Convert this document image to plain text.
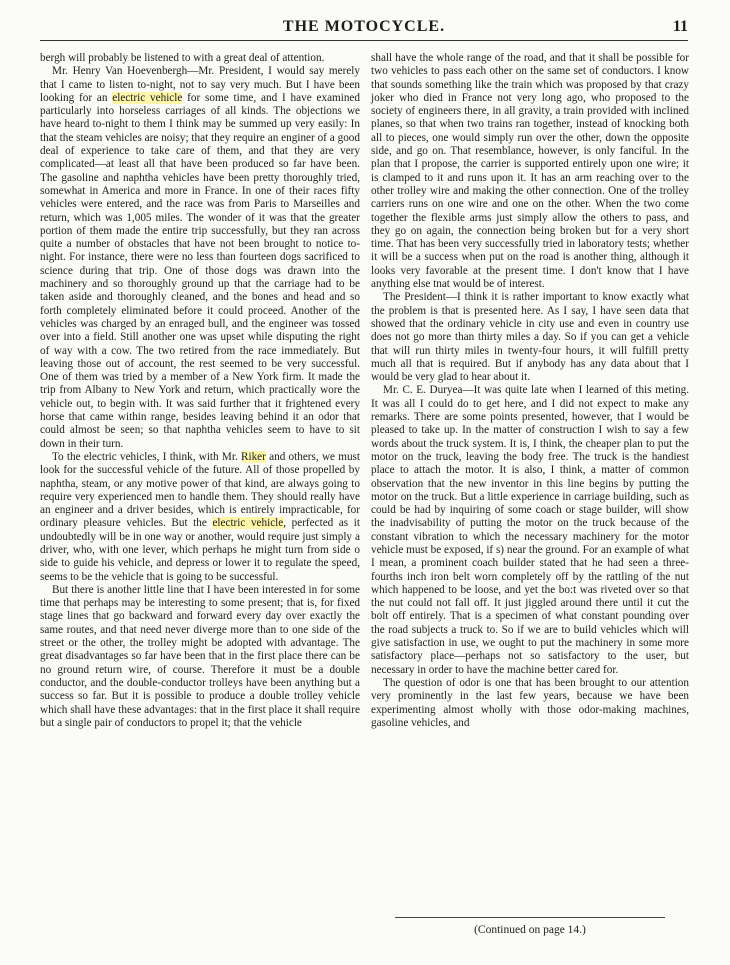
THE MOTOCYCLE.	11

bergh will probably be listened to with a great deal of attention.

Mr. Henry Van Hoevenbergh—Mr. President, I would say merely that I came to listen to-night, not to say very much. But I have been looking for an electric vehicle for some time, and I have examined particularly into horseless carriages of all kinds. The objections we have heard to-night to them I think may be summed up very easily: In that the steam vehicles are noisy; that they require an enginer of a good deal of experience to take care of them, and that they are very complicated—at least all that have been produced so far have been. The gasoline and naphtha vehicles have been pretty thoroughly tried, somewhat in America and more in France. In one of their races fifty vehicles were entered, and the race was from Paris to Marseilles and return, which was 1,005 miles. The wonder of it was that the greater portion of them made the entire trip successfully, but they ran across quite a number of obstacles that have not been brought to notice to-night. For instance, there were no less than fourteen dogs sacrificed to science during that trip. One of those dogs was drawn into the machinery and so thoroughly ground up that the carriage had to be taken aside and thoroughly cleaned, and the bones and head and so forth completely eliminated before it could proceed. Another of the vehicles was charged by an enraged bull, and the engineer was tossed over into a field. Still another one was upset while disputing the right of way with a cow. The two retired from the race immediately. But leaving those out of account, the rest seemed to be very successful. One of them was tried by a member of a New York firm. It made the trip from Albany to New York and return, which practically wore the vehicle out, to begin with. It was said further that it frightened every horse that came within range, besides leaving behind it an odor that could almost be seen; so that naphtha vehicles seem to have to sit down in their turn.

To the electric vehicles, I think, with Mr. Riker and others, we must look for the successful vehicle of the future. All of those propelled by naphtha, steam, or any motive power of that kind, are always going to require very experienced men to handle them. They should really have an engineer and a driver besides, which is entirely impracticable, for ordinary pleasure vehicles. But the electric vehicle, perfected as it undoubtedly will be in one way or another, would require just simply a driver, who, with one lever, which perhaps he might turn from side o side to guide his vehicle, and depress or lower it to regulate the speed, seems to be the vehicle that is going to be successful.

But there is another little line that I have been interested in for some time that perhaps may be interesting to some present; that is, for fixed stage lines that go backward and forward every day over exactly the same routes, and that need never diverge more than to one side of the street or the other, the trolley might be adopted with advantage. The great disadvantages so far have been that in the first place there can be no ground return wire, of course. Therefore it must be a double conductor, and the double-conductor trolleys have been anything but a success so far. But it is possible to produce a double trolley vehicle which shall have these advantages: that in the first place it shall require but a single pair of conductors to propel it; that the vehicle

shall have the whole range of the road, and that it shall be possible for two vehicles to pass each other on the same set of conductors. I know that sounds something like the train which was proposed by that crazy joker who died in France not very long ago, who proposed to the society of engineers there, in all gravity, a train provided with inclined planes, so that when two trains ran together, instead of knocking both all to pieces, one would simply run over the other, down the opposite side, and go on. That resemblance, however, is only fanciful. In the plan that I propose, the carrier is supported entirely upon one wire; it is clamped to it and runs upon it. It has an arm reaching over to the other trolley wire and making the other connection. One of the trolley carriers runs on one wire and one on the other. When the two come together the flexible arms just simply allow the others to pass, and they go on again, the connection being broken but for a very short time. That has been very successfully tried in laboratory tests; whether it will be a success when put on the road is another thing, although it looks very favorable at the present time. I don't know that I have anything else tnat would be of interest.

The President—I think it is rather important to know exactly what the problem is that is presented here. As I say, I have seen data that showed that the ordinary vehicle in city use and even in country use does not go more than thirty miles a day. So if you can get a vehicle that will run thirty miles in twenty-four hours, it will fulfill pretty much all that is required. But if anybody has any data about that I would be very glad to hear about it.

Mr. C. E. Duryea—It was quite late when I learned of this meting. It was all I could do to get here, and I did not expect to make any remarks. There are some points presented, however, that I would be pleased to take up. In the matter of construction I wish to say a few words about the truck system. It is, I think, the cheaper plan to put the motor on the truck, leaving the body free. The truck is the handiest place to attach the motor. It is also, I think, a matter of common observation that the new inventor in this line begins by putting the motor on the truck. But a little experience in carriage building, such as could be had by inquiring of some coach or stage builder, will show the inadvisability of putting the motor on the truck because of the constant vibration to which the necessary machinery for the motor vehicle must be exposed, if s) near the ground. For an example of what I mean, a prominent coach builder stated that he had seen a three-fourths inch iron belt worn completely off by the rattling of the nut which happened to be loose, and yet the bo:t was riveted over so that the nut could not fall off. It just jiggled around there until it cut the bolt off entirely. That is a specimen of what constant pounding over the road subjects a truck to. So if we are to build vehicles which will give satisfaction in use, we ought to put the machinery in some more satisfactory place—perhaps not so satisfactory to the user, but necessary in order to have the machine better cared for.

The question of odor is one that has been brought to our attention very prominently in the last few years, because we have been experimenting almost wholly with those odor-making machines, gasoline vehicles, and

(Continued on page 14.)
